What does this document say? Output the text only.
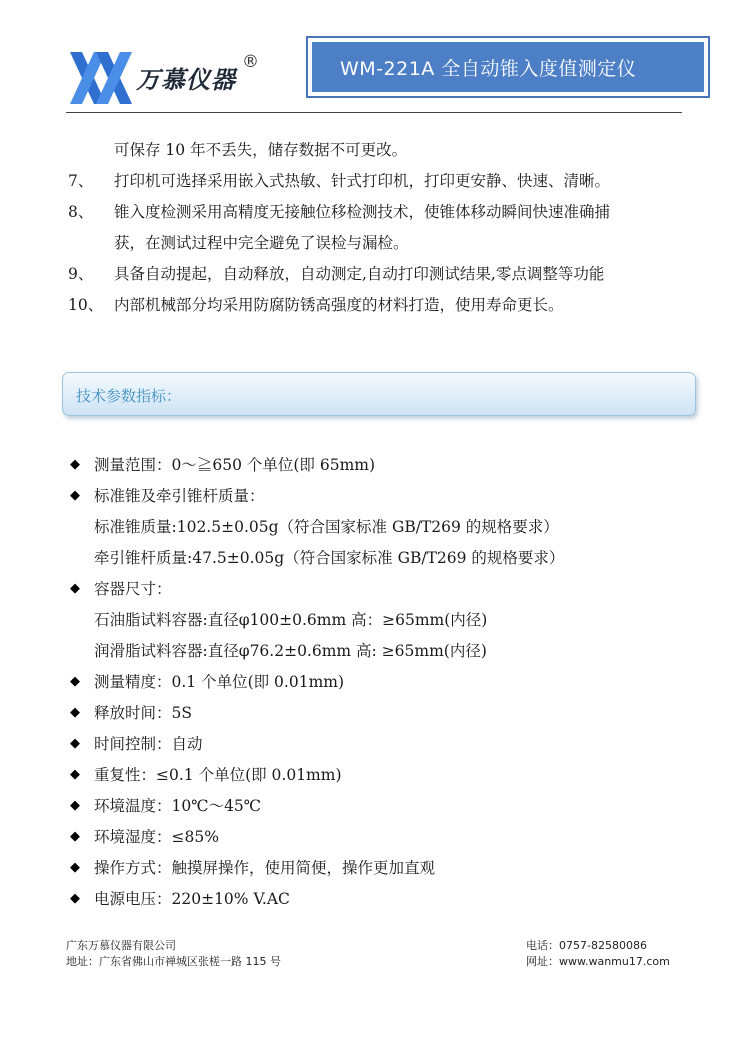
万慕仪器
®	WM-221A 全自动锥入度值测定仪
可保存 10 年不丢失，储存数据不可更改。
7、 打印机可选择采用嵌入式热敏、针式打印机，打印更安静、快速、清晰。
8、 锥入度检测采用高精度无接触位移检测技术，使锥体移动瞬间快速准确捕
获，在测试过程中完全避免了误检与漏检。
9、 具备自动提起，自动释放，自动测定,自动打印测试结果,零点调整等功能
10、 内部机械部分均采用防腐防锈高强度的材料打造，使用寿命更长。
技术参数指标：
◆ 测量范围：0～≧650 个单位(即 65mm)
◆ 标准锥及牵引锥杆质量：
标准锥质量:102.5±0.05g（符合国家标准 GB/T269 的规格要求）
牵引锥杆质量:47.5±0.05g（符合国家标准 GB/T269 的规格要求）
◆ 容器尺寸：
石油脂试料容器:直径φ100±0.6mm 高：≥65mm(内径)
润滑脂试料容器:直径φ76.2±0.6mm 高: ≥65mm(内径)
◆ 测量精度：0.1 个单位(即 0.01mm)
◆ 释放时间：5S
◆ 时间控制：自动
◆ 重复性：≤0.1 个单位(即 0.01mm)
◆ 环境温度：10℃～45℃
◆ 环境湿度：≤85%
◆ 操作方式：触摸屏操作，使用简便，操作更加直观
◆ 电源电压：220±10% V.AC
广东万慕仪器有限公司
地址：广东省佛山市禅城区张槎一路 115 号
电话：0757-82580086
网址：www.wanmu17.com
